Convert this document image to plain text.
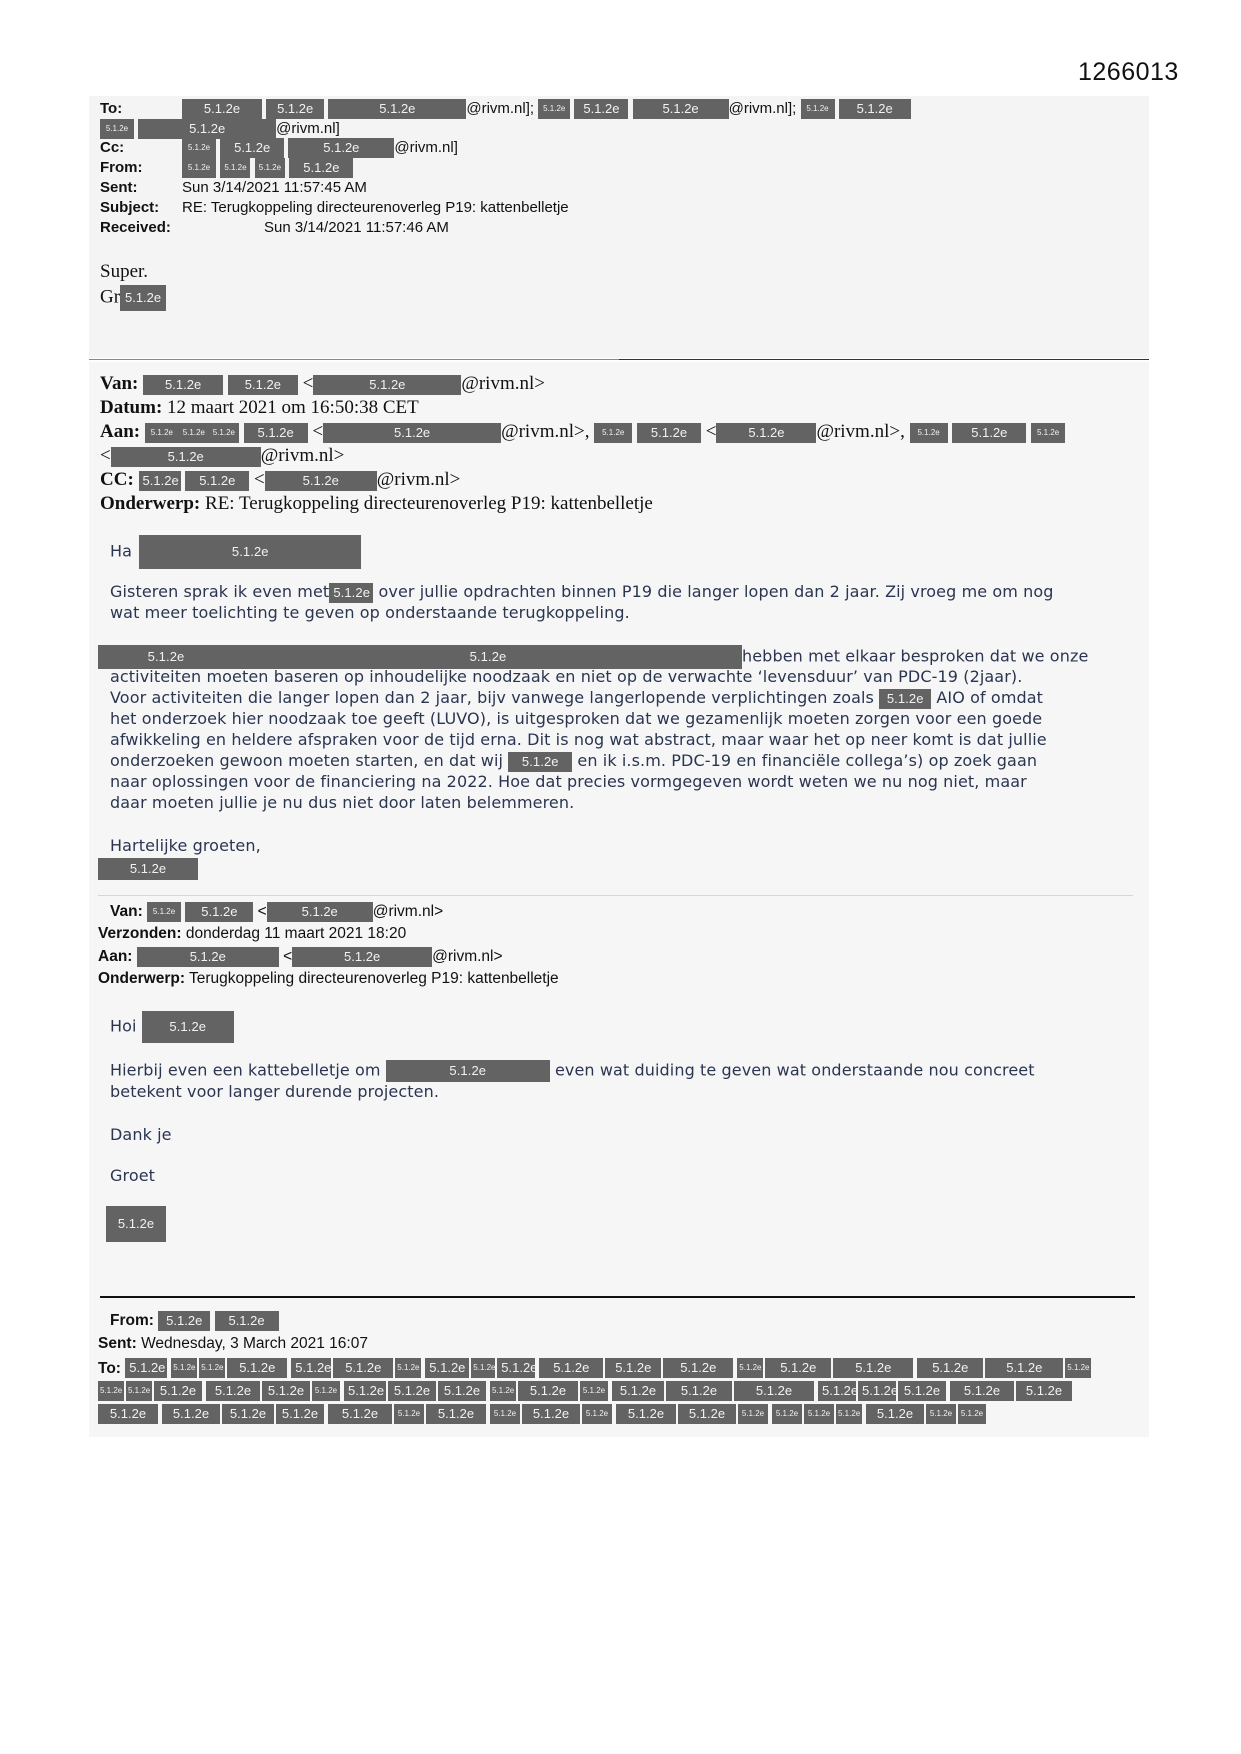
1266013
To:	5.1.2e	5.1.2e	5.1.2e	@rivm.nl]; 5.1.2e 5.1.2e	5.1.2e @rivm.nl]; 5.1.2e 5.1.2e
5.1.2e	5.1.2e	@rivm.nl]
Cc:	5.1.2e 5.1.2e	5.1.2e @rivm.nl]
From:	5.1.2e 5.1.2e 5.1.2e 5.1.2e
Sent:	Sun 3/14/2021 11:57:45 AM
Subject: RE: Terugkoppeling directeurenoverleg P19: kattenbelletje
Received:	Sun 3/14/2021 11:57:46 AM
Super.
Gr 5.1.2e
Van: 5.1.2e	5.1.2e <	5.1.2e	@rivm.nl>
Datum: 12 maart 2021 om 16:50:38 CET
Aan: 5.1.2e 5.1.2e 5.1.2e 5.1.2e <	5.1.2e	@rivm.nl>, 5.1.2e 5.1.2e < 5.1.2e @rivm.nl>, 5.1.2e 5.1.2e	5.1.2e
<	5.1.2e	@rivm.nl>
CC: 5.1.2e 5.1.2e <	5.1.2e @rivm.nl>
Onderwerp: RE: Terugkoppeling directeurenoverleg P19: kattenbelletje
Ha	5.1.2e
Gisteren sprak ik even met 5.1.2e over jullie opdrachten binnen P19 die langer lopen dan 2 jaar. Zij vroeg me om nog
wat meer toelichting te geven op onderstaande terugkoppeling.
5.1.2e	5.1.2e	hebben met elkaar besproken dat we onze
activiteiten moeten baseren op inhoudelijke noodzaak en niet op de verwachte ‘levensduur’ van PDC-19 (2jaar).
Voor activiteiten die langer lopen dan 2 jaar, bijv vanwege langerlopende verplichtingen zoals 5.1.2e AIO of omdat
het onderzoek hier noodzaak toe geeft (LUVO), is uitgesproken dat we gezamenlijk moeten zorgen voor een goede
afwikkeling en heldere afspraken voor de tijd erna. Dit is nog wat abstract, maar waar het op neer komt is dat jullie
onderzoeken gewoon moeten starten, en dat wij 5.1.2e en ik i.s.m. PDC-19 en financiële collega’s) op zoek gaan
naar oplossingen voor de financiering na 2022. Hoe dat precies vormgegeven wordt weten we nu nog niet, maar
daar moeten jullie je nu dus niet door laten belemmeren.
Hartelijke groeten,
5.1.2e
Van: 5.1.2e 5.1.2e <	5.1.2e @rivm.nl>
Verzonden: donderdag 11 maart 2021 18:20
Aan:	5.1.2e	<	5.1.2e	@rivm.nl>
Onderwerp: Terugkoppeling directeurenoverleg P19: kattenbelletje
Hoi	5.1.2e
Hierbij even een kattebelletje om	5.1.2e	even wat duiding te geven wat onderstaande nou concreet
betekent voor langer durende projecten.
Dank je
Groet
5.1.2e
From: 5.1.2e 5.1.2e
Sent: Wednesday, 3 March 2021 16:07
To: 5.1.2e 5.1.2e 5.1.2e 5.1.2e 5.1.2e 5.1.2e 5.1.2e 5.1.2e 5.1.2e 5.1.2e 5.1.2e 5.1.2e 5.1.2e	5.1.2e 5.1.2e	5.1.2e	5.1.2e	5.1.2e	5.1.2e5.1.2e 5.1.2e 5.1.2e 5.1.2e 5.1.2e 5.1.2e 5.1.2e 5.1.2e 5.1.2e 5.1.2e 5.1.2e 5.1.2e 5.1.2e 5.1.2e	5.1.2e 5.1.2e 5.1.2e 5.1.2e 5.1.2e 5.1.2e5.1.2e 5.1.2e 5.1.2e 5.1.2e 5.1.2e 5.1.2e 5.1.2e 5.1.2e 5.1.2e 5.1.2e 5.1.2e 5.1.2e 5.1.2e 5.1.2e 5.1.2e 5.1.2e 5.1.2e 5.1.2e 5.1.2e
